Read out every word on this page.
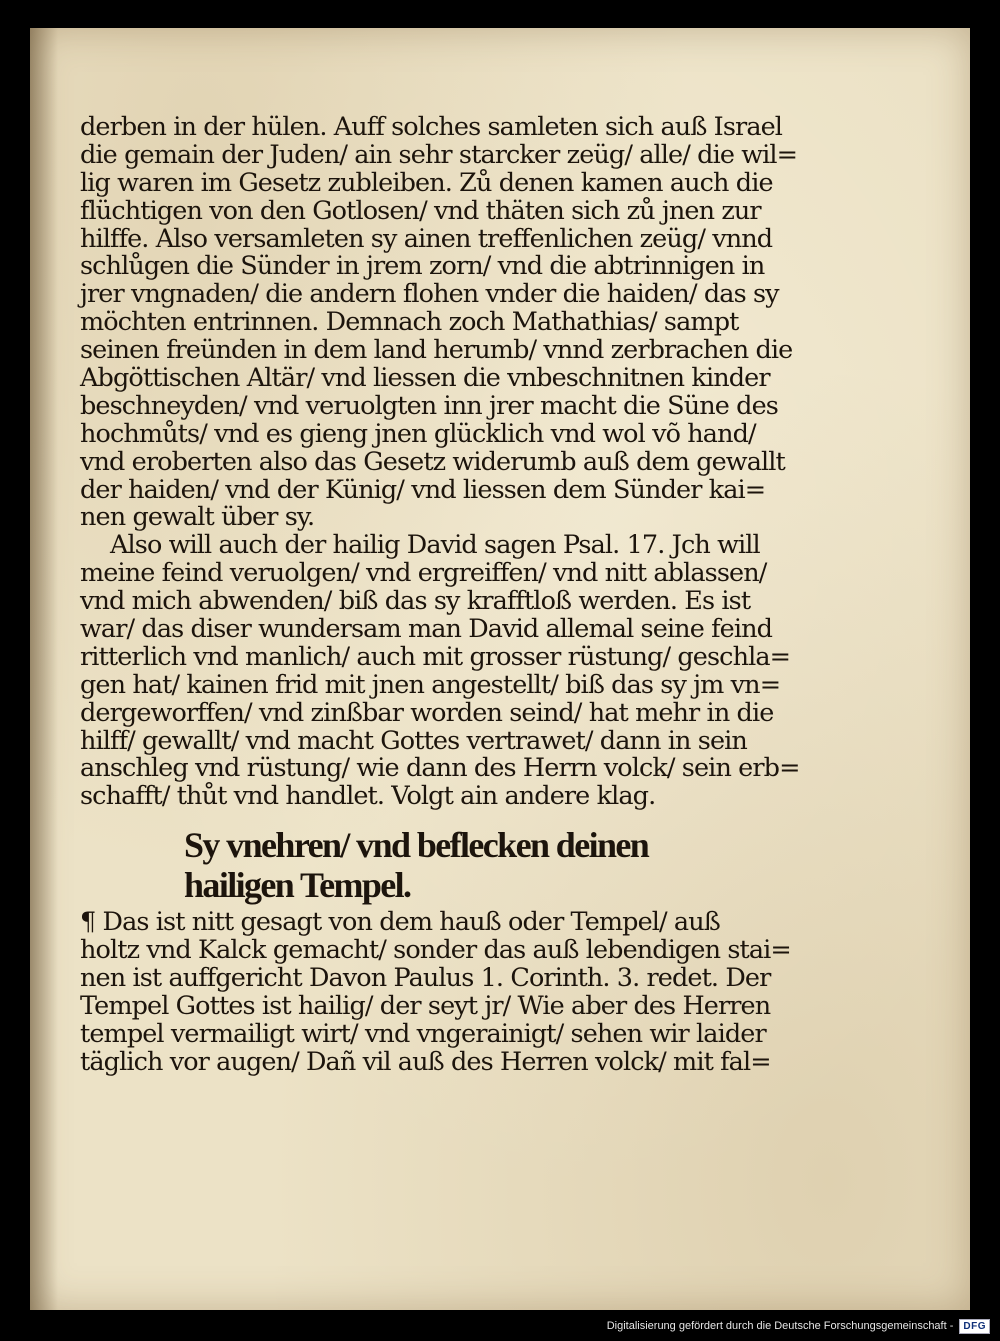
derben in der hülen. Auff solches samleten sich auß Israel
die gemain der Juden/ ain sehr starcker zeüg/ alle/ die wil=
lig waren im Gesetz zubleiben. Zů denen kamen auch die
flüchtigen von den Gotlosen/ vnd thäten sich zů jnen zur
hilffe. Also versamleten sy ainen treffenlichen zeüg/ vnnd
schlůgen die Sünder in jrem zorn/ vnd die abtrinnigen in
jrer vngnaden/ die andern flohen vnder die haiden/ das sy
möchten entrinnen. Demnach zoch Mathathias/ sampt
seinen freünden in dem land herumb/ vnnd zerbrachen die
Abgöttischen Altär/ vnd liessen die vnbeschnitnen kinder
beschneyden/ vnd veruolgten inn jrer macht die Süne des
hochmůts/ vnd es gieng jnen glücklich vnd wol võ hand/
vnd eroberten also das Gesetz widerumb auß dem gewallt
der haiden/ vnd der Künig/ vnd liessen dem Sünder kai=
nen gewalt über sy.
Also will auch der hailig David sagen Psal. 17. Jch will
meine feind veruolgen/ vnd ergreiffen/ vnd nitt ablassen/
vnd mich abwenden/ biß das sy krafftloß werden. Es ist
war/ das diser wundersam man David allemal seine feind
ritterlich vnd manlich/ auch mit grosser rüstung/ geschla=
gen hat/ kainen frid mit jnen angestellt/ biß das sy jm vn=
dergeworffen/ vnd zinßbar worden seind/ hat mehr in die
hilff/ gewallt/ vnd macht Gottes vertrawet/ dann in sein
anschleg vnd rüstung/ wie dann des Herrn volck/ sein erb=
schafft/ thůt vnd handlet. Volgt ain andere klag.
Sy vnehren/ vnd beflecken deinen
hailigen Tempel.
¶ Das ist nitt gesagt von dem hauß oder Tempel/ auß
holtz vnd Kalck gemacht/ sonder das auß lebendigen stai=
nen ist auffgericht Davon Paulus 1. Corinth. 3. redet. Der
Tempel Gottes ist hailig/ der seyt jr/ Wie aber des Herren
tempel vermailigt wirt/ vnd vngerainigt/ sehen wir laider
täglich vor augen/ Dañ vil auß des Herren volck/ mit fal=
Digitalisierung gefördert durch die Deutsche Forschungsgemeinschaft -	DFG
